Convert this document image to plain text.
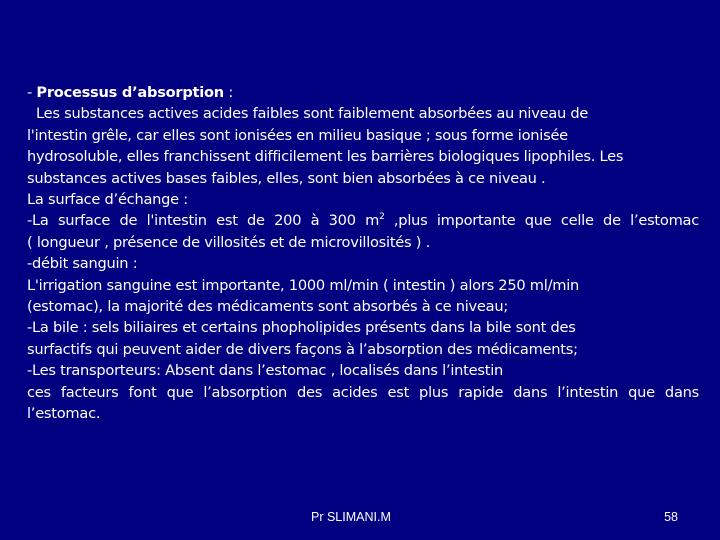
- Processus d’absorption :
Les substances actives acides faibles sont faiblement absorbées au niveau de
l'intestin grêle, car elles sont ionisées en milieu basique ; sous forme ionisée
hydrosoluble, elles franchissent difficilement les barrières biologiques lipophiles. Les
substances actives bases faibles, elles, sont bien absorbées à ce niveau .
La surface d’échange :
-La surface de l'intestin est de 200 à 300 $m^2$ ,plus importante que celle de l’estomac
( longueur , présence de villosités et de microvillosités ) .
-débit sanguin :
L'irrigation sanguine est importante, 1000 ml/min ( intestin ) alors 250 ml/min
(estomac), la majorité des médicaments sont absorbés à ce niveau;
-La bile : sels biliaires et certains phopholipides présents dans la bile sont des
surfactifs qui peuvent aider de divers façons à l’absorption des médicaments;
-Les transporteurs: Absent dans l’estomac , localisés dans l’intestin
ces facteurs font que l’absorption des acides est plus rapide dans l’intestin que dans
l’estomac.
Pr SLIMANI.M	58
